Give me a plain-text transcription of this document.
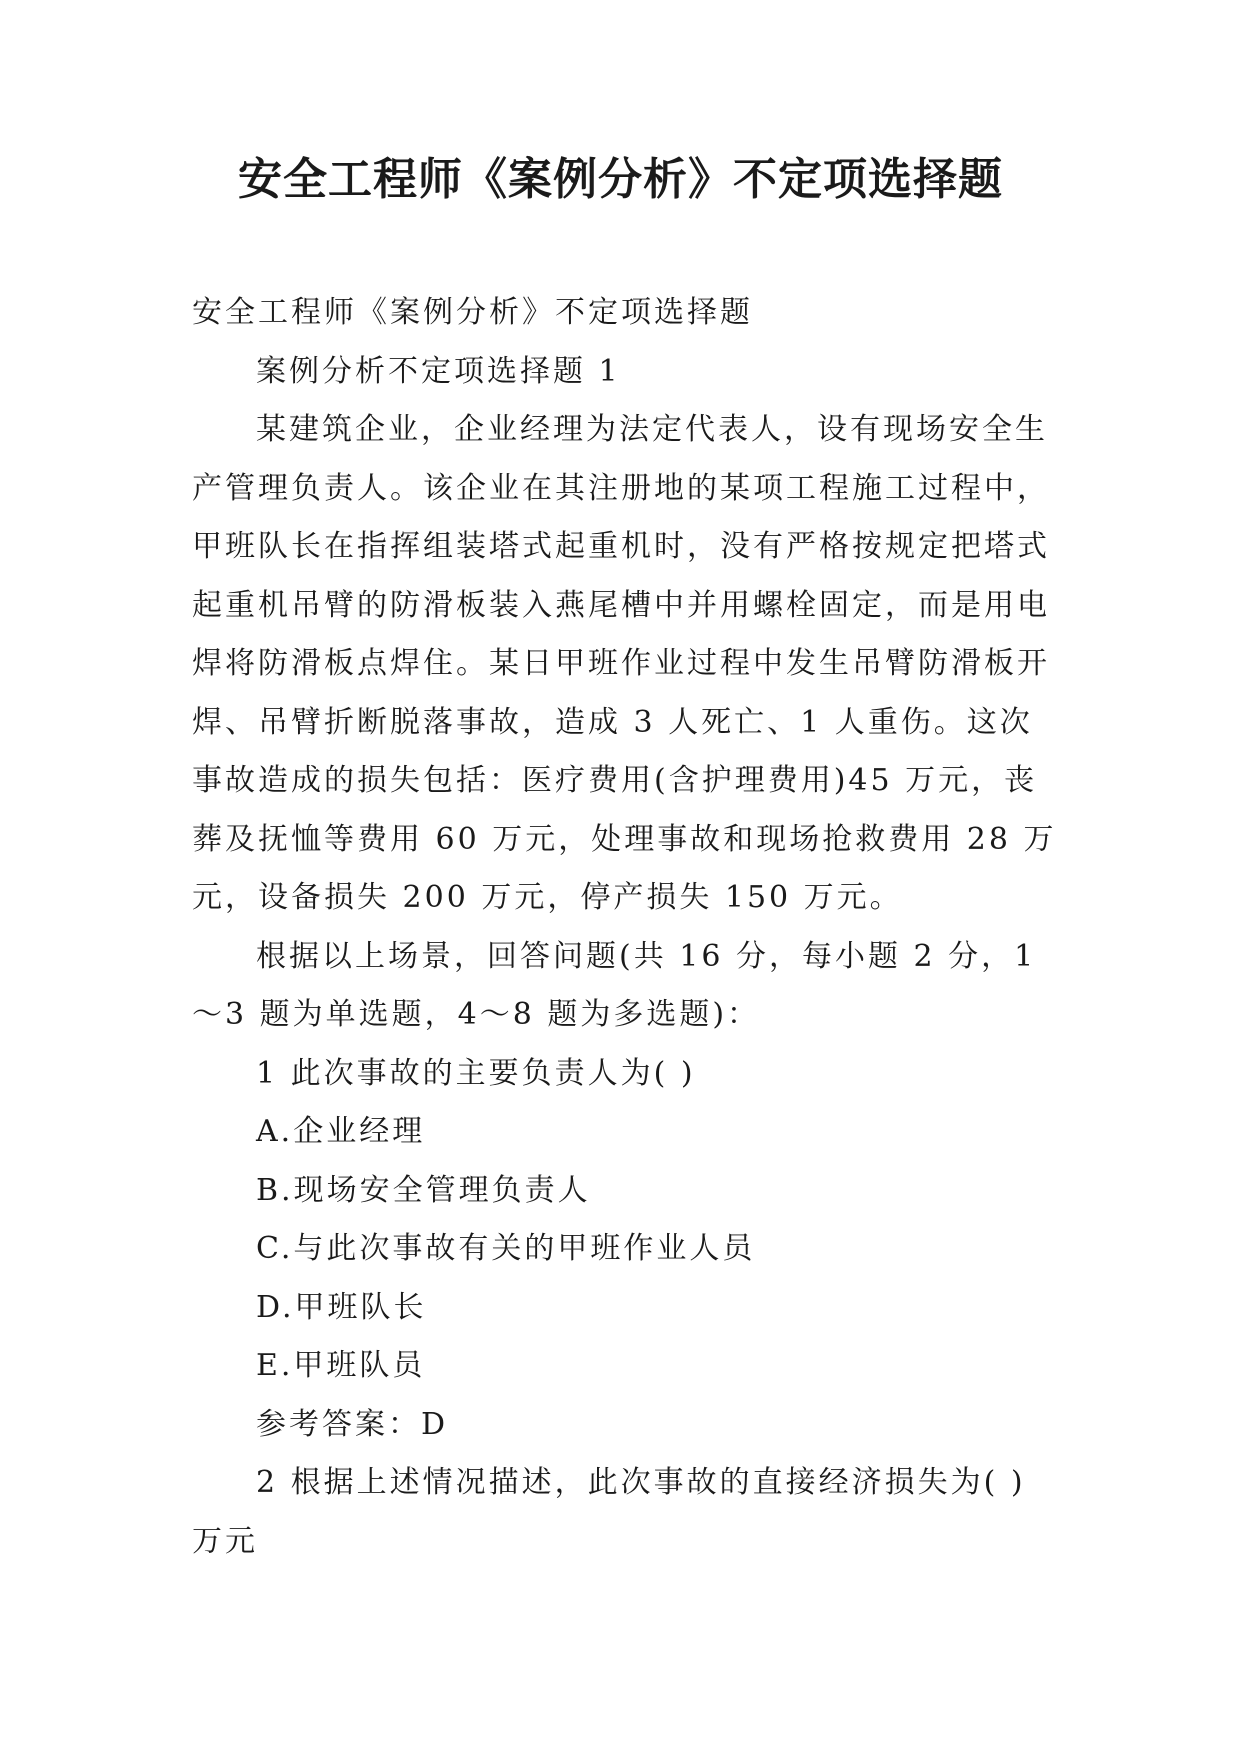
安全工程师《案例分析》不定项选择题

安全工程师《案例分析》不定项选择题

案例分析不定项选择题 1

某建筑企业，企业经理为法定代表人，设有现场安全生产管理负责人。该企业在其注册地的某项工程施工过程中，甲班队长在指挥组装塔式起重机时，没有严格按规定把塔式起重机吊臂的防滑板装入燕尾槽中并用螺栓固定，而是用电焊将防滑板点焊住。某日甲班作业过程中发生吊臂防滑板开焊、吊臂折断脱落事故，造成 3 人死亡、1 人重伤。这次事故造成的损失包括：医疗费用(含护理费用)45 万元，丧葬及抚恤等费用 60 万元，处理事故和现场抢救费用 28 万元，设备损失 200 万元，停产损失 150 万元。

根据以上场景，回答问题(共 16 分，每小题 2 分，1～3 题为单选题，4～8 题为多选题)：

1 此次事故的主要负责人为( )

A.企业经理

B.现场安全管理负责人

C.与此次事故有关的甲班作业人员

D.甲班队长

E.甲班队员

参考答案：D

2 根据上述情况描述，此次事故的直接经济损失为( )万元
